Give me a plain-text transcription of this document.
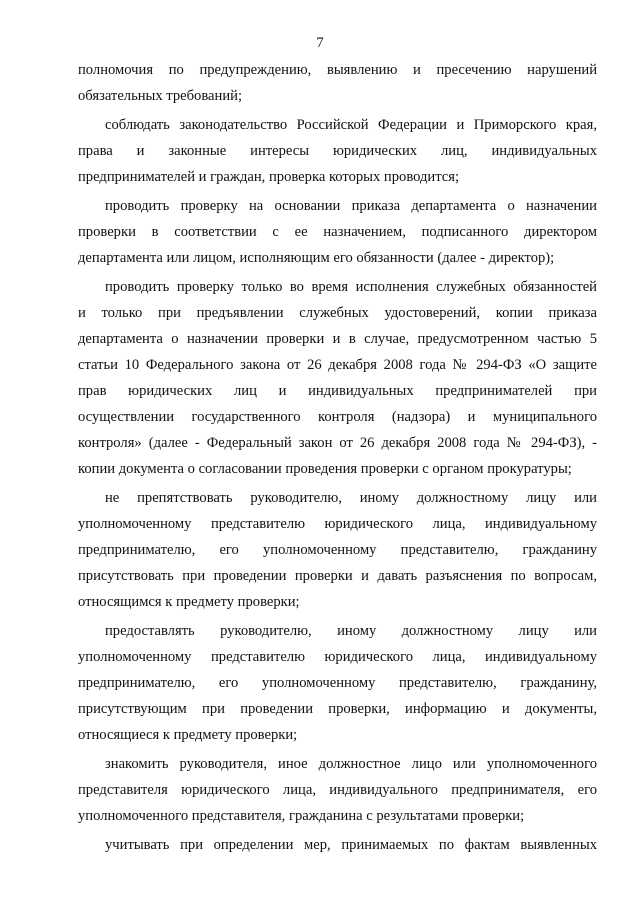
7
полномочия по предупреждению, выявлению и пресечению нарушений
обязательных требований;
соблюдать законодательство Российской Федерации и Приморского края,
права и законные интересы юридических лиц, индивидуальных
предпринимателей и граждан, проверка которых проводится;
проводить проверку на основании приказа департамента о назначении
проверки в соответствии с ее назначением, подписанного директором
департамента или лицом, исполняющим его обязанности (далее - директор);
проводить проверку только во время исполнения служебных обязанностей
и только при предъявлении служебных удостоверений, копии приказа
департамента о назначении проверки и в случае, предусмотренном частью 5
статьи 10 Федерального закона от 26 декабря 2008 года № 294-ФЗ «О защите
прав юридических лиц и индивидуальных предпринимателей при
осуществлении государственного контроля (надзора) и муниципального
контроля» (далее - Федеральный закон от 26 декабря 2008 года № 294-ФЗ), -
копии документа о согласовании проведения проверки с органом прокуратуры;
не препятствовать руководителю, иному должностному лицу или
уполномоченному представителю юридического лица, индивидуальному
предпринимателю, его уполномоченному представителю, гражданину
присутствовать при проведении проверки и давать разъяснения по вопросам,
относящимся к предмету проверки;
предоставлять руководителю, иному должностному лицу или
уполномоченному представителю юридического лица, индивидуальному
предпринимателю, его уполномоченному представителю, гражданину,
присутствующим при проведении проверки, информацию и документы,
относящиеся к предмету проверки;
знакомить руководителя, иное должностное лицо или уполномоченного
представителя юридического лица, индивидуального предпринимателя, его
уполномоченного представителя, гражданина с результатами проверки;
учитывать при определении мер, принимаемых по фактам выявленных
